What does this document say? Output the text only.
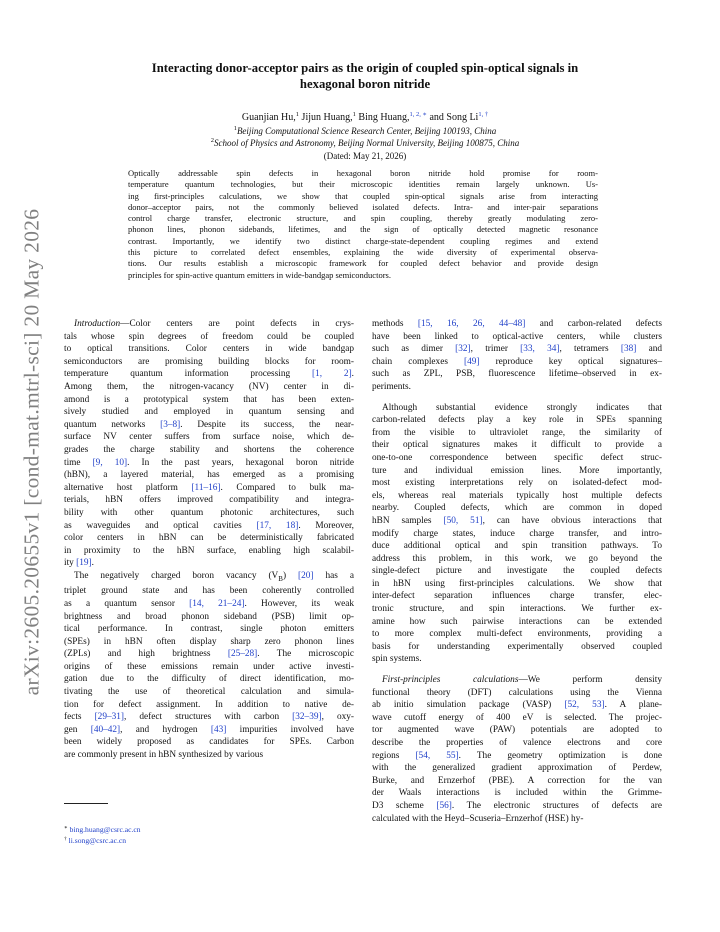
arXiv:2605.20655v1 [cond-mat.mtrl-sci] 20 May 2026
Interacting donor-acceptor pairs as the origin of coupled spin-optical signals in
hexagonal boron nitride
Guanjian Hu,$^1$ Jijun Huang,$^1$ Bing Huang,$^{1, 2, ∗}$ and Song $Li^{1, \dagger}$
$^1$Beijing Computational Science Research Center, Beijing 100193, China
$^2$School of Physics and Astronomy, Beijing Normal University, Beijing 100875, China
(Dated: May 21, 2026)
Optically addressable spin defects in hexagonal boron nitride hold promise for room-
temperature quantum technologies, but their microscopic identities remain largely unknown. Us-
ing first-principles calculations, we show that coupled spin-optical signals arise from interacting
donor–acceptor pairs, not the commonly believed isolated defects. Intra- and inter-pair separations
control charge transfer, electronic structure, and spin coupling, thereby greatly modulating zero-
phonon lines, phonon sidebands, lifetimes, and the sign of optically detected magnetic resonance
contrast. Importantly, we identify two distinct charge-state-dependent coupling regimes and extend
this picture to correlated defect ensembles, explaining the wide diversity of experimental observa-
tions. Our results establish a microscopic framework for coupled defect behavior and provide design
principles for spin-active quantum emitters in wide-bandgap semiconductors.
Introduction—Color centers are point defects in crys-
tals whose spin degrees of freedom could be coupled
to optical transitions. Color centers in wide bandgap
semiconductors are promising building blocks for room-
temperature quantum information processing [1, 2].
Among them, the nitrogen-vacancy (NV) center in di-
amond is a prototypical system that has been exten-
sively studied and employed in quantum sensing and
quantum networks [3–8]. Despite its success, the near-
surface NV center suffers from surface noise, which de-
grades the charge stability and shortens the coherence
time [9, 10]. In the past years, hexagonal boron nitride
(hBN), a layered material, has emerged as a promising
alternative host platform [11–16]. Compared to bulk ma-
terials, hBN offers improved compatibility and integra-
bility with other quantum photonic architectures, such
as waveguides and optical cavities [17, 18]. Moreover,
color centers in hBN can be deterministically fabricated
in proximity to the hBN surface, enabling high scalabil-
ity [19].
The negatively charged boron vacancy $(V_B)$ [20] has a
triplet ground state and has been coherently controlled
as a quantum sensor [14, 21–24]. However, its weak
brightness and broad phonon sideband (PSB) limit op-
tical performance. In contrast, single photon emitters
(SPEs) in hBN often display sharp zero phonon lines
(ZPLs) and high brightness [25–28]. The microscopic
origins of these emissions remain under active investi-
gation due to the difficulty of direct identification, mo-
tivating the use of theoretical calculation and simula-
tion for defect assignment. In addition to native de-
fects [29–31], defect structures with carbon [32–39], oxy-
gen [40–42], and hydrogen [43] impurities involved have
been widely proposed as candidates for SPEs. Carbon
are commonly present in hBN synthesized by various
methods [15, 16, 26, 44–48] and carbon-related defects
have been linked to optical-active centers, while clusters
such as dimer [32], trimer [33, 34], tetramers [38] and
chain complexes [49] reproduce key optical signatures–
such as ZPL, PSB, fluorescence lifetime–observed in ex-
periments.
Although substantial evidence strongly indicates that
carbon-related defects play a key role in SPEs spanning
from the visible to ultraviolet range, the similarity of
their optical signatures makes it difficult to provide a
one-to-one correspondence between specific defect struc-
ture and individual emission lines. More importantly,
most existing interpretations rely on isolated-defect mod-
els, whereas real materials typically host multiple defects
nearby. Coupled defects, which are common in doped
hBN samples [50, 51], can have obvious interactions that
modify charge states, induce charge transfer, and intro-
duce additional optical and spin transition pathways. To
address this problem, in this work, we go beyond the
single-defect picture and investigate the coupled defects
in hBN using first-principles calculations. We show that
inter-defect separation influences charge transfer, elec-
tronic structure, and spin interactions. We further ex-
amine how such pairwise interactions can be extended
to more complex multi-defect environments, providing a
basis for understanding experimentally observed coupled
spin systems.
First-principles calculations—We perform density
functional theory (DFT) calculations using the Vienna
ab initio simulation package (VASP) [52, 53]. A plane-
wave cutoff energy of 400 eV is selected. The projec-
tor augmented wave (PAW) potentials are adopted to
describe the properties of valence electrons and core
regions [54, 55]. The geometry optimization is done
with the generalized gradient approximation of Perdew,
Burke, and Ernzerhof (PBE). A correction for the van
der Waals interactions is included within the Grimme-
D3 scheme [56]. The electronic structures of defects are
calculated with the Heyd–Scuseria–Ernzerhof (HSE) hy-
∗ bing.huang@csrc.ac.cn
† li.song@csrc.ac.cn
